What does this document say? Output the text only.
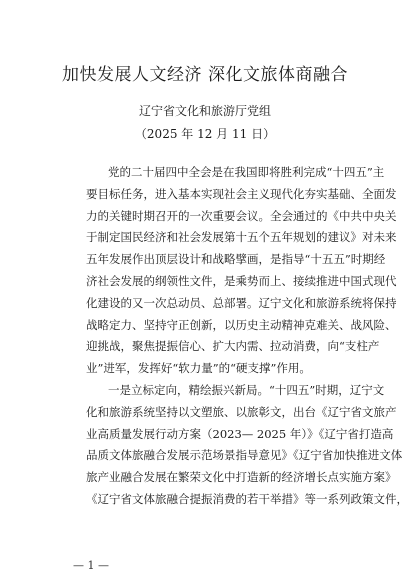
加快发展人文经济 深化文旅体商融合
辽宁省文化和旅游厅党组
（2025 年 12 月 11 日）
党的二十届四中全会是在我国即将胜利完成“十四五”主
要目标任务，进入基本实现社会主义现代化夯实基础、全面发
力的关键时期召开的一次重要会议。全会通过的《中共中央关
于制定国民经济和社会发展第十五个五年规划的建议》对未来
五年发展作出顶层设计和战略擘画，是指导“十五五”时期经
济社会发展的纲领性文件，是乘势而上、接续推进中国式现代
化建设的又一次总动员、总部署。辽宁文化和旅游系统将保持
战略定力、坚持守正创新，以历史主动精神克难关、战风险、
迎挑战，聚焦提振信心、扩大内需、拉动消费，向“支柱产
业”进军，发挥好“软力量”的“硬支撑”作用。
一是立标定向，精绘振兴新局。“十四五”时期，辽宁文
化和旅游系统坚持以文塑旅、以旅彰文，出台《辽宁省文旅产
业高质量发展行动方案（2023— 2025 年）》《辽宁省打造高
品质文体旅融合发展示范场景指导意见》《辽宁省加快推进文体
旅产业融合发展在繁荣文化中打造新的经济增长点实施方案》
《辽宁省文体旅融合提振消费的若干举措》等一系列政策文件，
— 1 —
